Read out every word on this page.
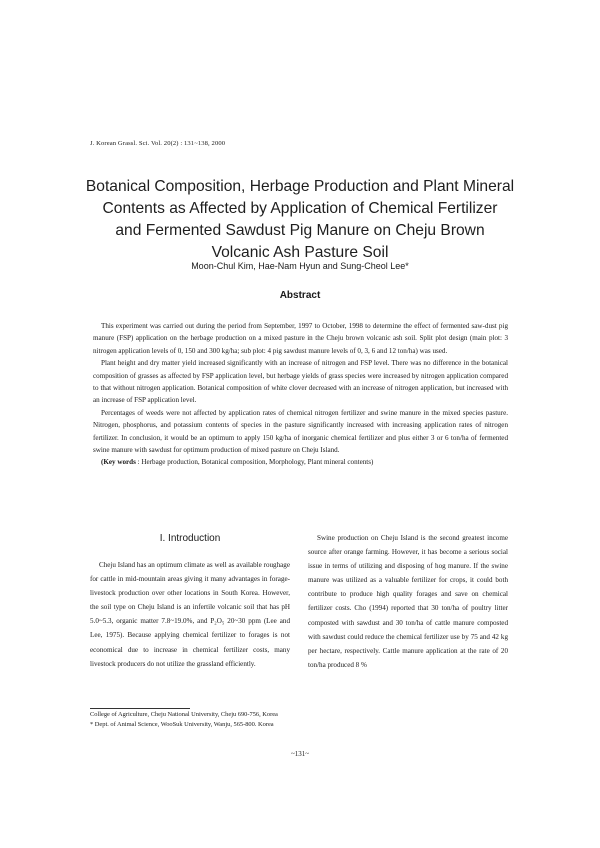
J. Korean Grassl. Sci. Vol. 20(2) : 131~138, 2000
Botanical Composition, Herbage Production and Plant Mineral
Contents as Affected by Application of Chemical Fertilizer
and Fermented Sawdust Pig Manure on Cheju Brown
Volcanic Ash Pasture Soil
Moon-Chul Kim, Hae-Nam Hyun and Sung-Cheol Lee*
Abstract

This experiment was carried out during the period from September, 1997 to October, 1998 to determine the effect of fermented saw-dust pig manure (FSP) application on the herbage production on a mixed pasture in the Cheju brown volcanic ash soil. Split plot design (main plot: 3 nitrogen application levels of 0, 150 and 300 kg/ha; sub plot: 4 pig sawdust manure levels of 0, 3, 6 and 12 ton/ha) was used.

Plant height and dry matter yield increased significantly with an increase of nitrogen and FSP level. There was no difference in the botanical composition of grasses as affected by FSP application level, but herbage yields of grass species were increased by nitrogen application compared to that without nitrogen application. Botanical composition of white clover decreased with an increase of nitrogen application, but increased with an increase of FSP application level.

Percentages of weeds were not affected by application rates of chemical nitrogen fertilizer and swine manure in the mixed species pasture. Nitrogen, phosphorus, and potassium contents of species in the pasture significantly increased with increasing application rates of nitrogen fertilizer. In conclusion, it would be an optimum to apply 150 kg/ha of inorganic chemical fertilizer and plus either 3 or 6 ton/ha of fermented swine manure with sawdust for optimum production of mixed pasture on Cheju Island.

(Key words : Herbage production, Botanical composition, Morphology, Plant mineral contents)

I. Introduction

Cheju Island has an optimum climate as well as available roughage for cattle in mid-mountain areas giving it many advantages in forage-livestock production over other locations in South Korea. However, the soil type on Cheju Island is an infertile volcanic soil that has pH 5.0~5.3, organic matter 7.8~19.0%, and P₂O₅ 20~30 ppm (Lee and Lee, 1975). Because applying chemical fertilizer to forages is not economical due to increase in chemical fertilizer costs, many livestock producers do not utilize the grassland efficiently.

Swine production on Cheju Island is the second greatest income source after orange farming. However, it has become a serious social issue in terms of utilizing and disposing of hog manure. If the swine manure was utilized as a valuable fertilizer for crops, it could both contribute to produce high quality forages and save on chemical fertilizer costs. Cho (1994) reported that 30 ton/ha of poultry litter composted with sawdust and 30 ton/ha of cattle manure composted with sawdust could reduce the chemical fertilizer use by 75 and 42 kg per hectare, respectively. Cattle manure application at the rate of 20 ton/ha produced 8 %

College of Agriculture, Cheju National University, Cheju 690-756, Korea
* Dept. of Animal Science, WooSuk University, Wanju, 565-800. Korea
~131~
